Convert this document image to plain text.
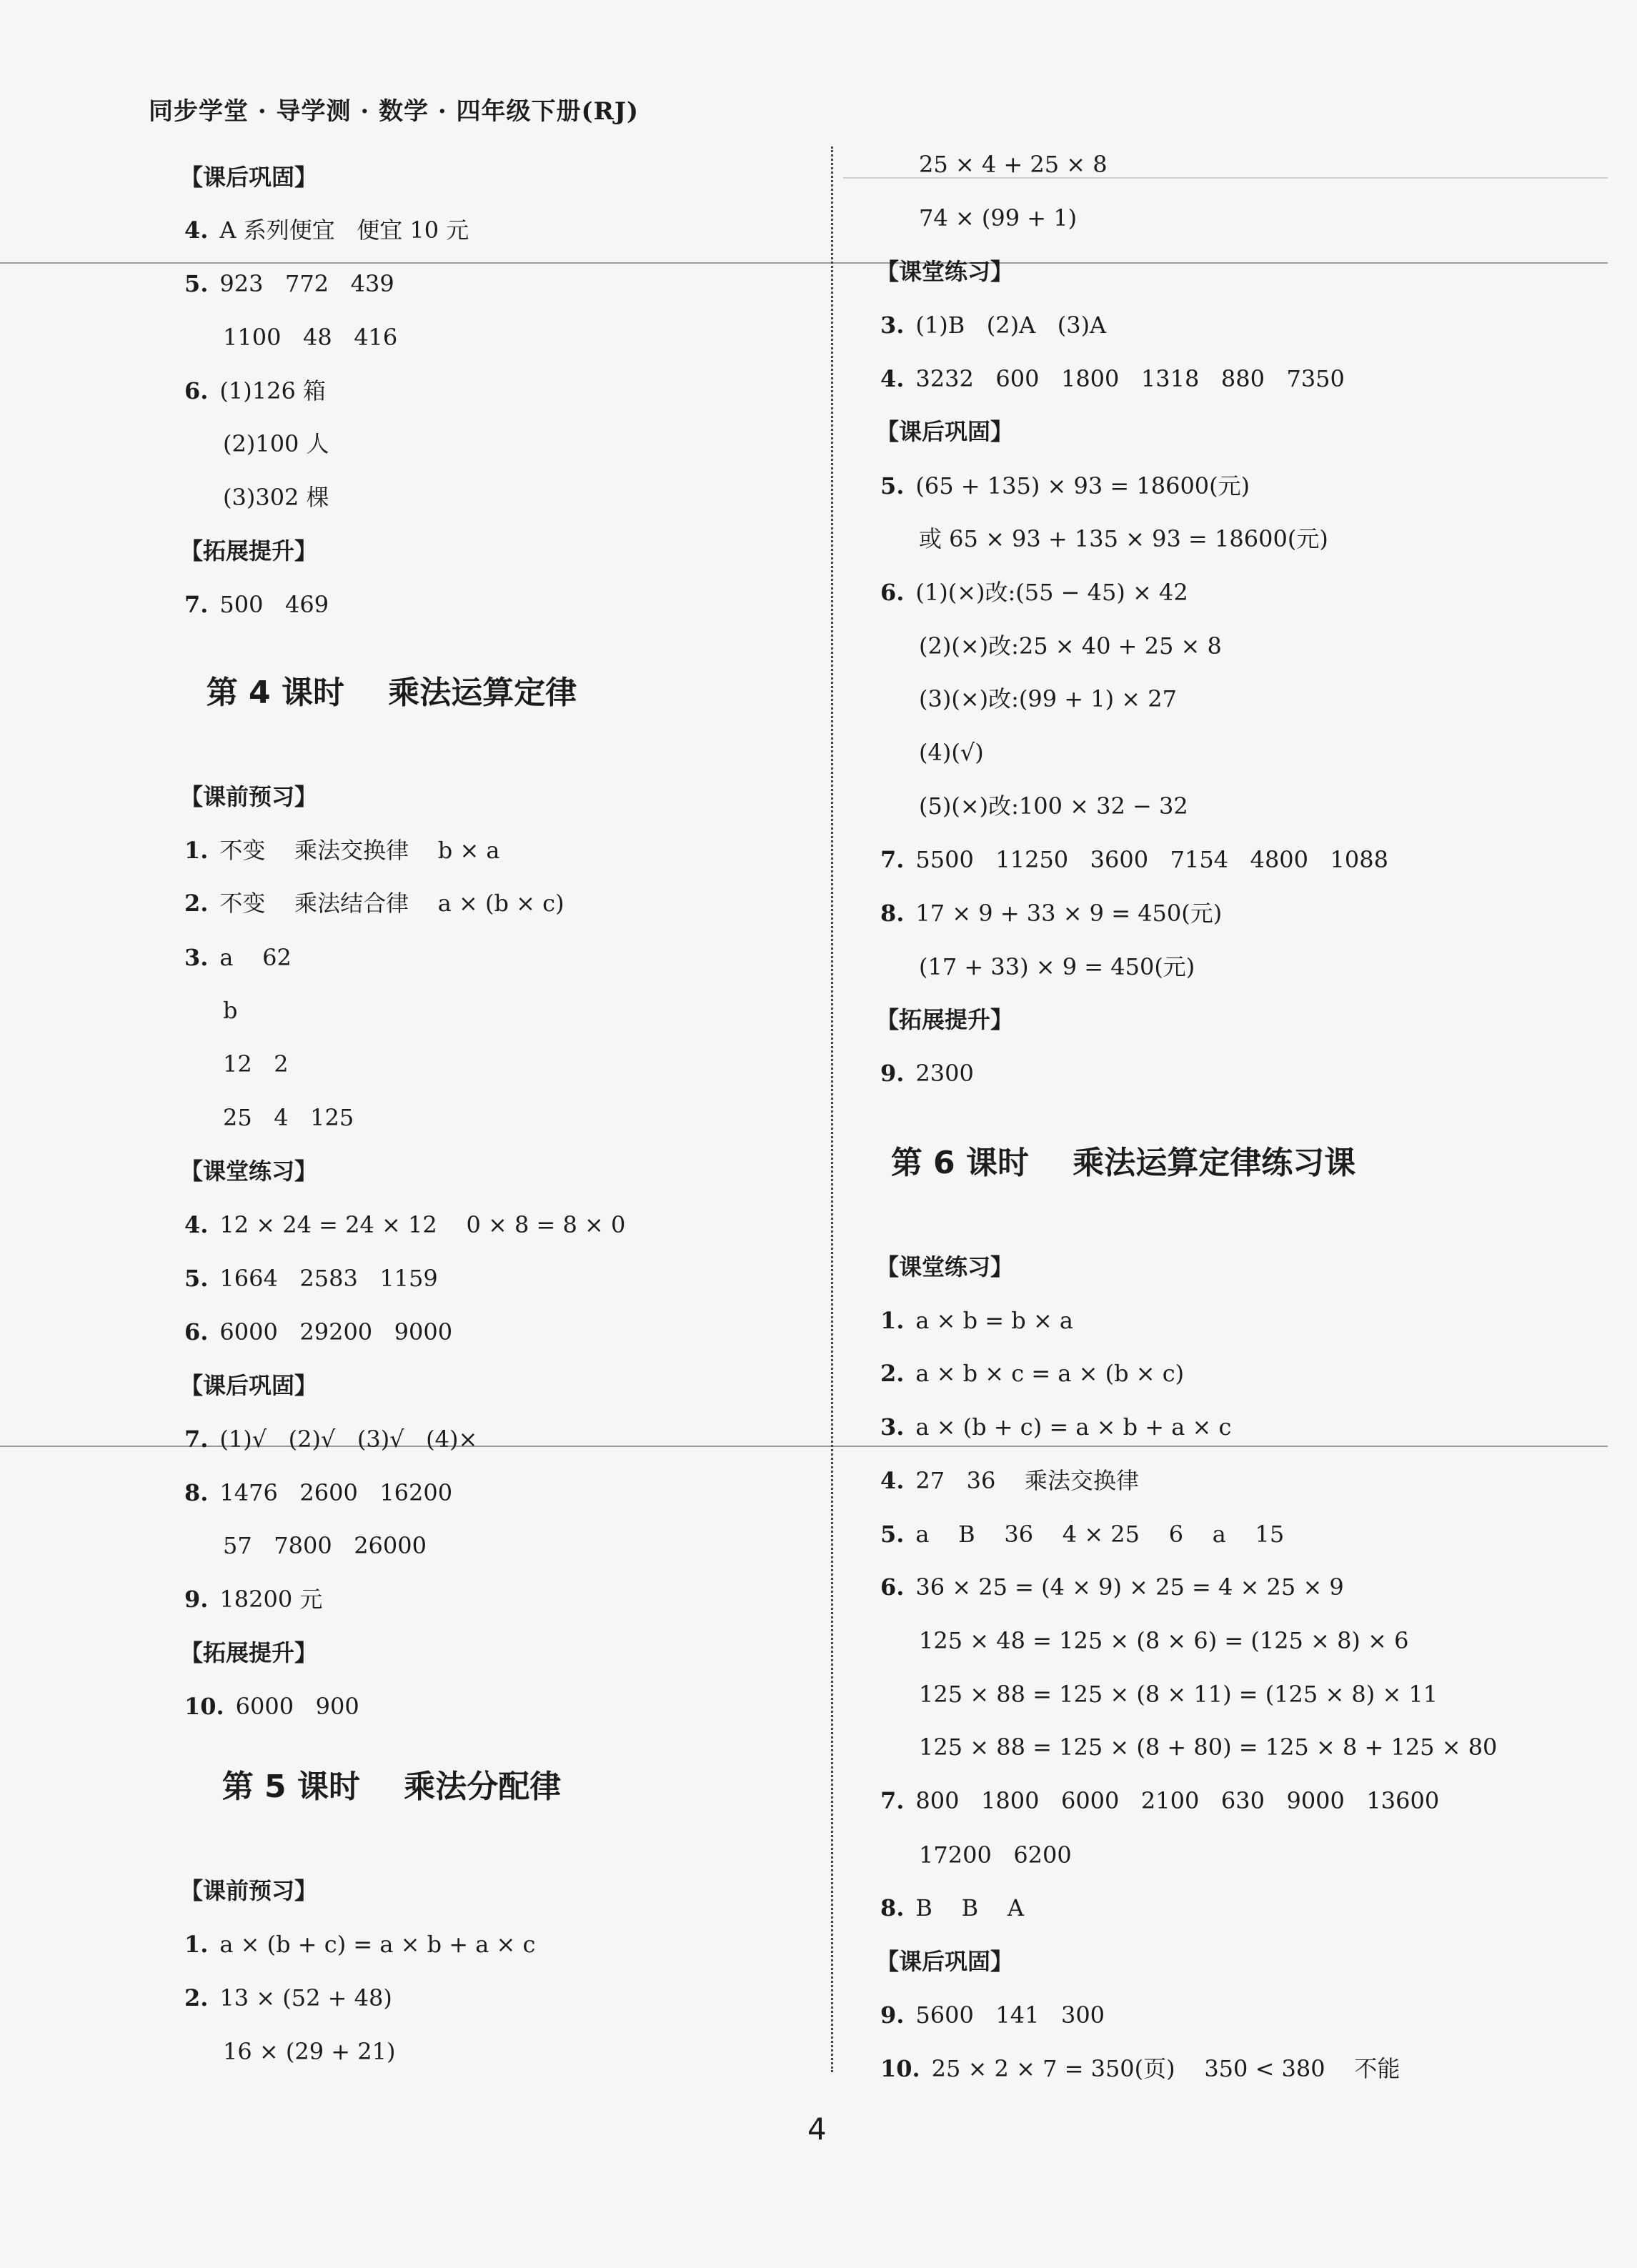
同步学堂 · 导学测 · 数学 · 四年级下册(RJ)
【课后巩固】
4. A 系列便宜   便宜 10 元
5. 923   772   439
1100   48   416
6. (1)126 箱
(2)100 人
(3)302 棵
【拓展提升】
7. 500   469
第 4 课时    乘法运算定律
【课前预习】
1. 不变    乘法交换律    b × a
2. 不变    乘法结合律    a × (b × c)
3. a    62
b
12   2
25   4   125
【课堂练习】
4. 12 × 24 = 24 × 12    0 × 8 = 8 × 0
5. 1664   2583   1159
6. 6000   29200   9000
【课后巩固】
7. (1)√   (2)√   (3)√   (4)×
8. 1476   2600   16200
57   7800   26000
9. 18200 元
【拓展提升】
10. 6000   900
第 5 课时    乘法分配律
【课前预习】
1. a × (b + c) = a × b + a × c
2. 13 × (52 + 48)
16 × (29 + 21)
25 × 4 + 25 × 8
74 × (99 + 1)
【课堂练习】
3. (1)B   (2)A   (3)A
4. 3232   600   1800   1318   880   7350
【课后巩固】
5. (65 + 135) × 93 = 18600(元)
或 65 × 93 + 135 × 93 = 18600(元)
6. (1)(×)改:(55 − 45) × 42
(2)(×)改:25 × 40 + 25 × 8
(3)(×)改:(99 + 1) × 27
(4)(√)
(5)(×)改:100 × 32 − 32
7. 5500   11250   3600   7154   4800   1088
8. 17 × 9 + 33 × 9 = 450(元)
(17 + 33) × 9 = 450(元)
【拓展提升】
9. 2300
第 6 课时    乘法运算定律练习课
【课堂练习】
1. a × b = b × a
2. a × b × c = a × (b × c)
3. a × (b + c) = a × b + a × c
4. 27   36    乘法交换律
5. a    B    36    4 × 25    6    a    15
6. 36 × 25 = (4 × 9) × 25 = 4 × 25 × 9
125 × 48 = 125 × (8 × 6) = (125 × 8) × 6
125 × 88 = 125 × (8 × 11) = (125 × 8) × 11
125 × 88 = 125 × (8 + 80) = 125 × 8 + 125 × 80
7. 800   1800   6000   2100   630   9000   13600
17200   6200
8. B    B    A
【课后巩固】
9. 5600   141   300
10. 25 × 2 × 7 = 350(页)    350 < 380    不能
4
